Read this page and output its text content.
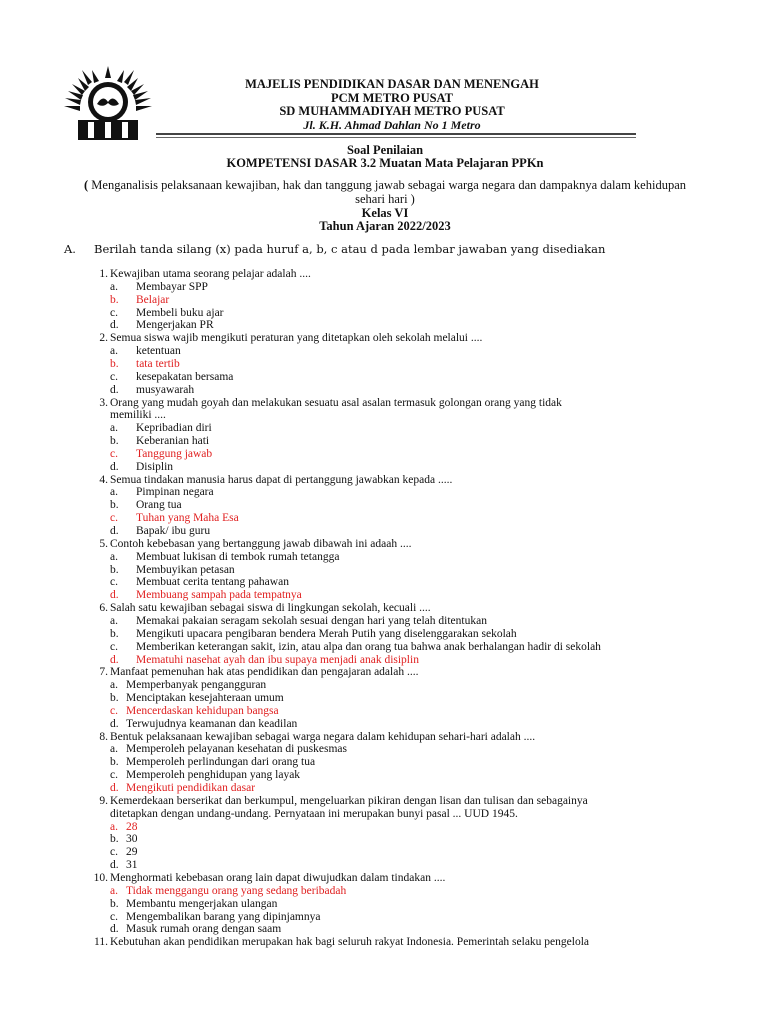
MAJELIS PENDIDIKAN DASAR DAN MENENGAH
PCM METRO PUSAT
SD MUHAMMADIYAH METRO PUSAT
Jl. K.H. Ahmad Dahlan No 1 Metro
Soal Penilaian
KOMPETENSI DASAR 3.2 Muatan Mata Pelajaran PPKn
( Menganalisis pelaksanaan kewajiban, hak dan tanggung jawab sebagai warga negara dan dampaknya dalam kehidupan
sehari hari )
Kelas VI
Tahun Ajaran 2022/2023
A. Berilah tanda silang (x) pada huruf a, b, c atau d pada lembar jawaban yang disediakan
1. Kewajiban utama seorang pelajar adalah ....
a. Membayar SPP
b. Belajar
c. Membeli buku ajar
d. Mengerjakan PR
2. Semua siswa wajib mengikuti peraturan yang ditetapkan oleh sekolah melalui ....
a. ketentuan
b. tata tertib
c. kesepakatan bersama
d. musyawarah
3. Orang yang mudah goyah dan melakukan sesuatu asal asalan termasuk golongan orang yang tidak
memiliki ....
a. Kepribadian diri
b. Keberanian hati
c. Tanggung jawab
d. Disiplin
4. Semua tindakan manusia harus dapat di pertanggung jawabkan kepada .....
a. Pimpinan negara
b. Orang tua
c. Tuhan yang Maha Esa
d. Bapak/ ibu guru
5. Contoh kebebasan yang bertanggung jawab dibawah ini adaah ....
a. Membuat lukisan di tembok rumah tetangga
b. Membuyikan petasan
c. Membuat cerita tentang pahawan
d. Membuang sampah pada tempatnya
6. Salah satu kewajiban sebagai siswa di lingkungan sekolah, kecuali ....
a. Memakai pakaian seragam sekolah sesuai dengan hari yang telah ditentukan
b. Mengikuti upacara pengibaran bendera Merah Putih yang diselenggarakan sekolah
c. Memberikan keterangan sakit, izin, atau alpa dan orang tua bahwa anak berhalangan hadir di sekolah
d. Mematuhi nasehat ayah dan ibu supaya menjadi anak disiplin
7. Manfaat pemenuhan hak atas pendidikan dan pengajaran adalah ....
a. Memperbanyak pengangguran
b. Menciptakan kesejahteraan umum
c. Mencerdaskan kehidupan bangsa
d. Terwujudnya keamanan dan keadilan
8. Bentuk pelaksanaan kewajiban sebagai warga negara dalam kehidupan sehari-hari adalah ....
a. Memperoleh pelayanan kesehatan di puskesmas
b. Memperoleh perlindungan dari orang tua
c. Memperoleh penghidupan yang layak
d. Mengikuti pendidikan dasar
9. Kemerdekaan berserikat dan berkumpul, mengeluarkan pikiran dengan lisan dan tulisan dan sebagainya
ditetapkan dengan undang-undang. Pernyataan ini merupakan bunyi pasal ... UUD 1945.
a. 28
b. 30
c. 29
d. 31
10. Menghormati kebebasan orang lain dapat diwujudkan dalam tindakan ....
a. Tidak menggangu orang yang sedang beribadah
b. Membantu mengerjakan ulangan
c. Mengembalikan barang yang dipinjamnya
d. Masuk rumah orang dengan saam
11. Kebutuhan akan pendidikan merupakan hak bagi seluruh rakyat Indonesia. Pemerintah selaku pengelola
